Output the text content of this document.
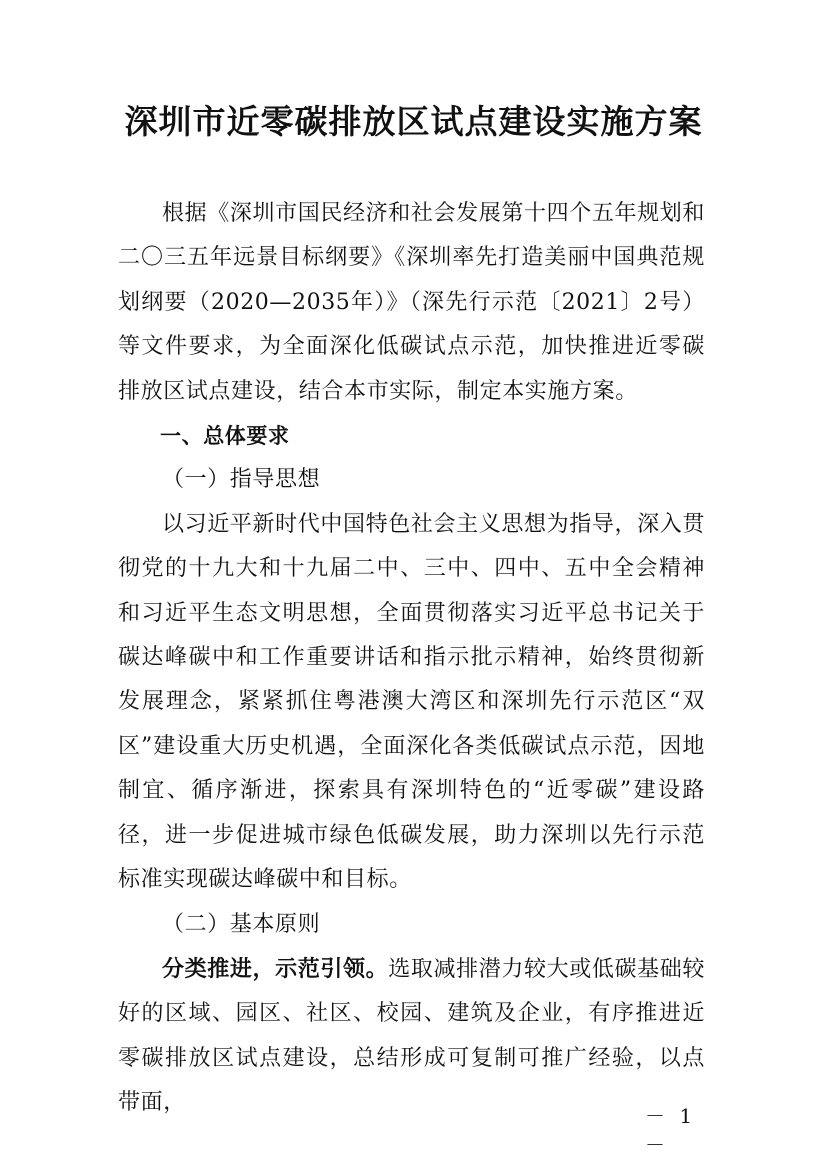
深圳市近零碳排放区试点建设实施方案

根据《深圳市国民经济和社会发展第十四个五年规划和二〇三五年远景目标纲要》《深圳率先打造美丽中国典范规划纲要（2020—2035年）》（深先行示范〔2021〕2号）等文件要求，为全面深化低碳试点示范，加快推进近零碳排放区试点建设，结合本市实际，制定本实施方案。

一、总体要求

（一）指导思想

以习近平新时代中国特色社会主义思想为指导，深入贯彻党的十九大和十九届二中、三中、四中、五中全会精神和习近平生态文明思想，全面贯彻落实习近平总书记关于碳达峰碳中和工作重要讲话和指示批示精神，始终贯彻新发展理念，紧紧抓住粤港澳大湾区和深圳先行示范区“双区”建设重大历史机遇，全面深化各类低碳试点示范，因地制宜、循序渐进，探索具有深圳特色的“近零碳”建设路径，进一步促进城市绿色低碳发展，助力深圳以先行示范标准实现碳达峰碳中和目标。

（二）基本原则

分类推进，示范引领。选取减排潜力较大或低碳基础较好的区域、园区、社区、校园、建筑及企业，有序推进近零碳排放区试点建设，总结形成可复制可推广经验，以点带面，

－ 1 －
